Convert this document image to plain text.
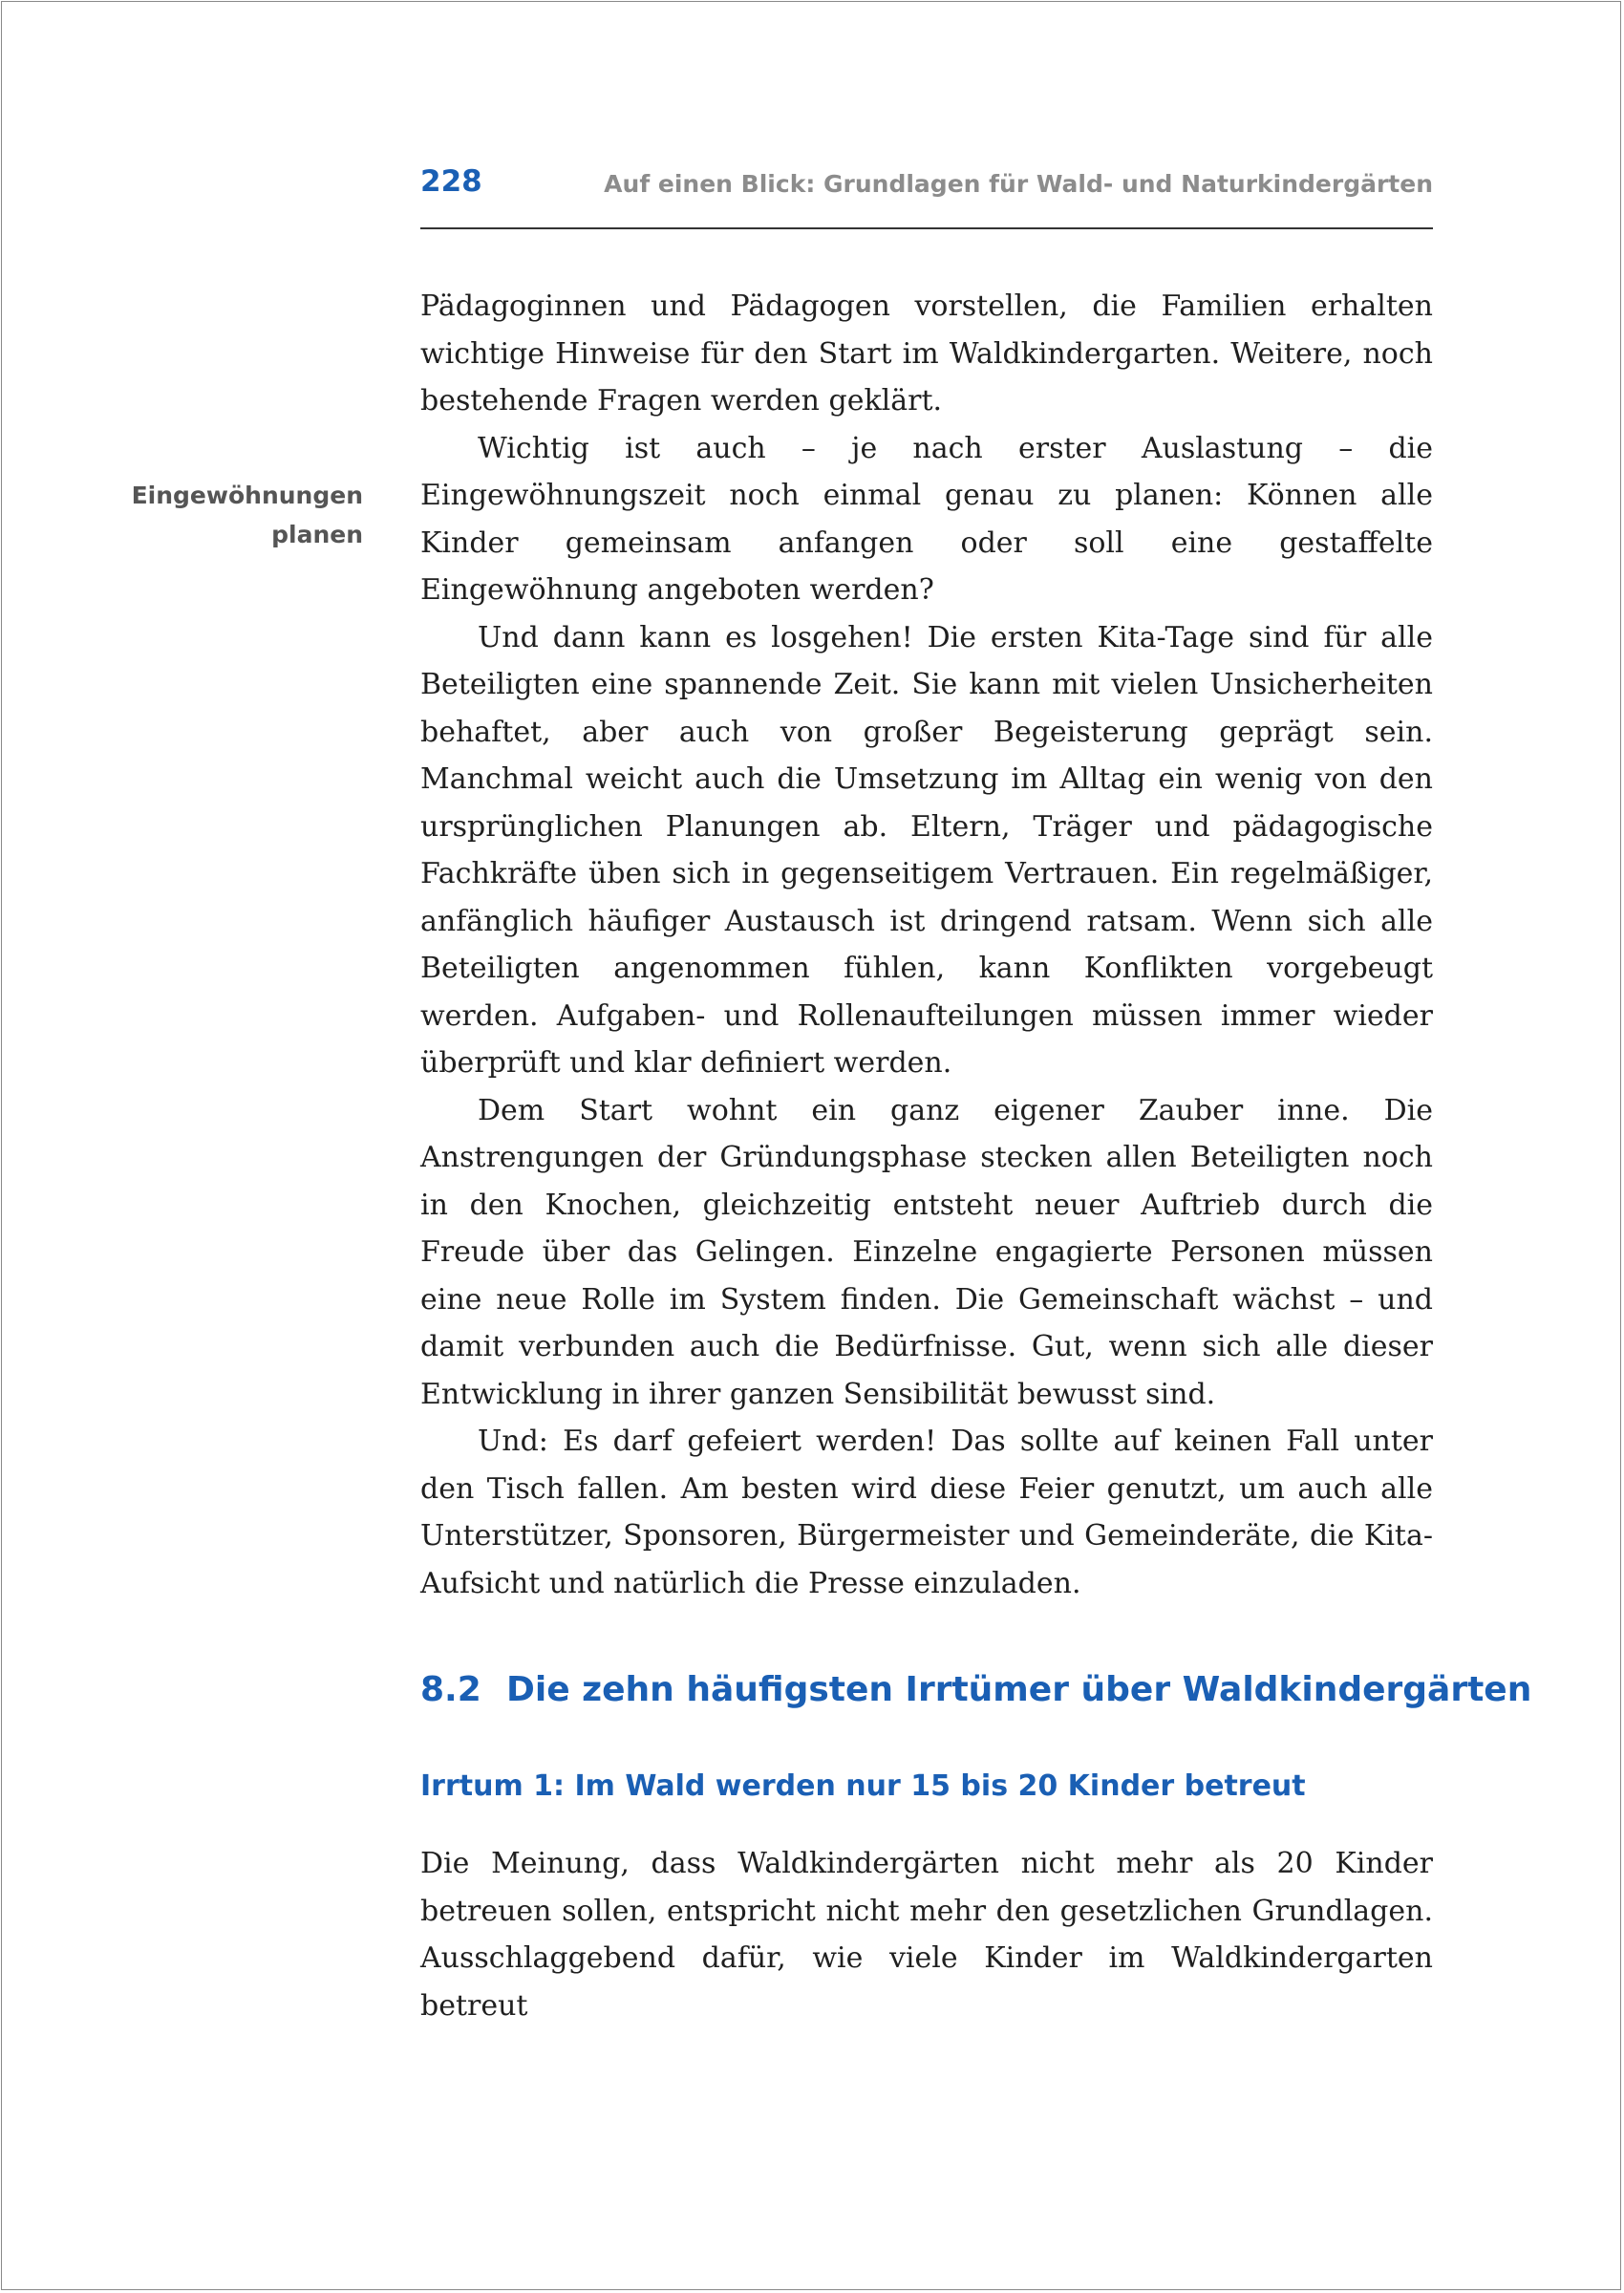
228	Auf einen Blick: Grundlagen für Wald- und Naturkindergärten
Eingewöhnungen planen

Pädagoginnen und Pädagogen vorstellen, die Familien erhalten wichtige Hinweise für den Start im Waldkindergarten. Weitere, noch bestehende Fragen werden geklärt.

Wichtig ist auch – je nach erster Auslastung – die Eingewöhnungszeit noch einmal genau zu planen: Können alle Kinder gemeinsam anfangen oder soll eine gestaffelte Eingewöhnung angeboten werden?

Und dann kann es losgehen! Die ersten Kita-Tage sind für alle Beteiligten eine spannende Zeit. Sie kann mit vielen Unsicherheiten behaftet, aber auch von großer Begeisterung geprägt sein. Manchmal weicht auch die Umsetzung im Alltag ein wenig von den ursprünglichen Planungen ab. Eltern, Träger und pädagogische Fachkräfte üben sich in gegenseitigem Vertrauen. Ein regelmäßiger, anfänglich häufiger Austausch ist dringend ratsam. Wenn sich alle Beteiligten angenommen fühlen, kann Konflikten vorgebeugt werden. Aufgaben- und Rollenaufteilungen müssen immer wieder überprüft und klar definiert werden.

Dem Start wohnt ein ganz eigener Zauber inne. Die Anstrengungen der Gründungsphase stecken allen Beteiligten noch in den Knochen, gleichzeitig entsteht neuer Auftrieb durch die Freude über das Gelingen. Einzelne engagierte Personen müssen eine neue Rolle im System finden. Die Gemeinschaft wächst – und damit verbunden auch die Bedürfnisse. Gut, wenn sich alle dieser Entwicklung in ihrer ganzen Sensibilität bewusst sind.

Und: Es darf gefeiert werden! Das sollte auf keinen Fall unter den Tisch fallen. Am besten wird diese Feier genutzt, um auch alle Unterstützer, Sponsoren, Bürgermeister und Gemeinderäte, die Kita-Aufsicht und natürlich die Presse einzuladen.

8.2 Die zehn häufigsten Irrtümer über Waldkindergärten
Irrtum 1: Im Wald werden nur 15 bis 20 Kinder betreut

Die Meinung, dass Waldkindergärten nicht mehr als 20 Kinder betreuen sollen, entspricht nicht mehr den gesetzlichen Grundlagen. Ausschlaggebend dafür, wie viele Kinder im Waldkindergarten betreut
